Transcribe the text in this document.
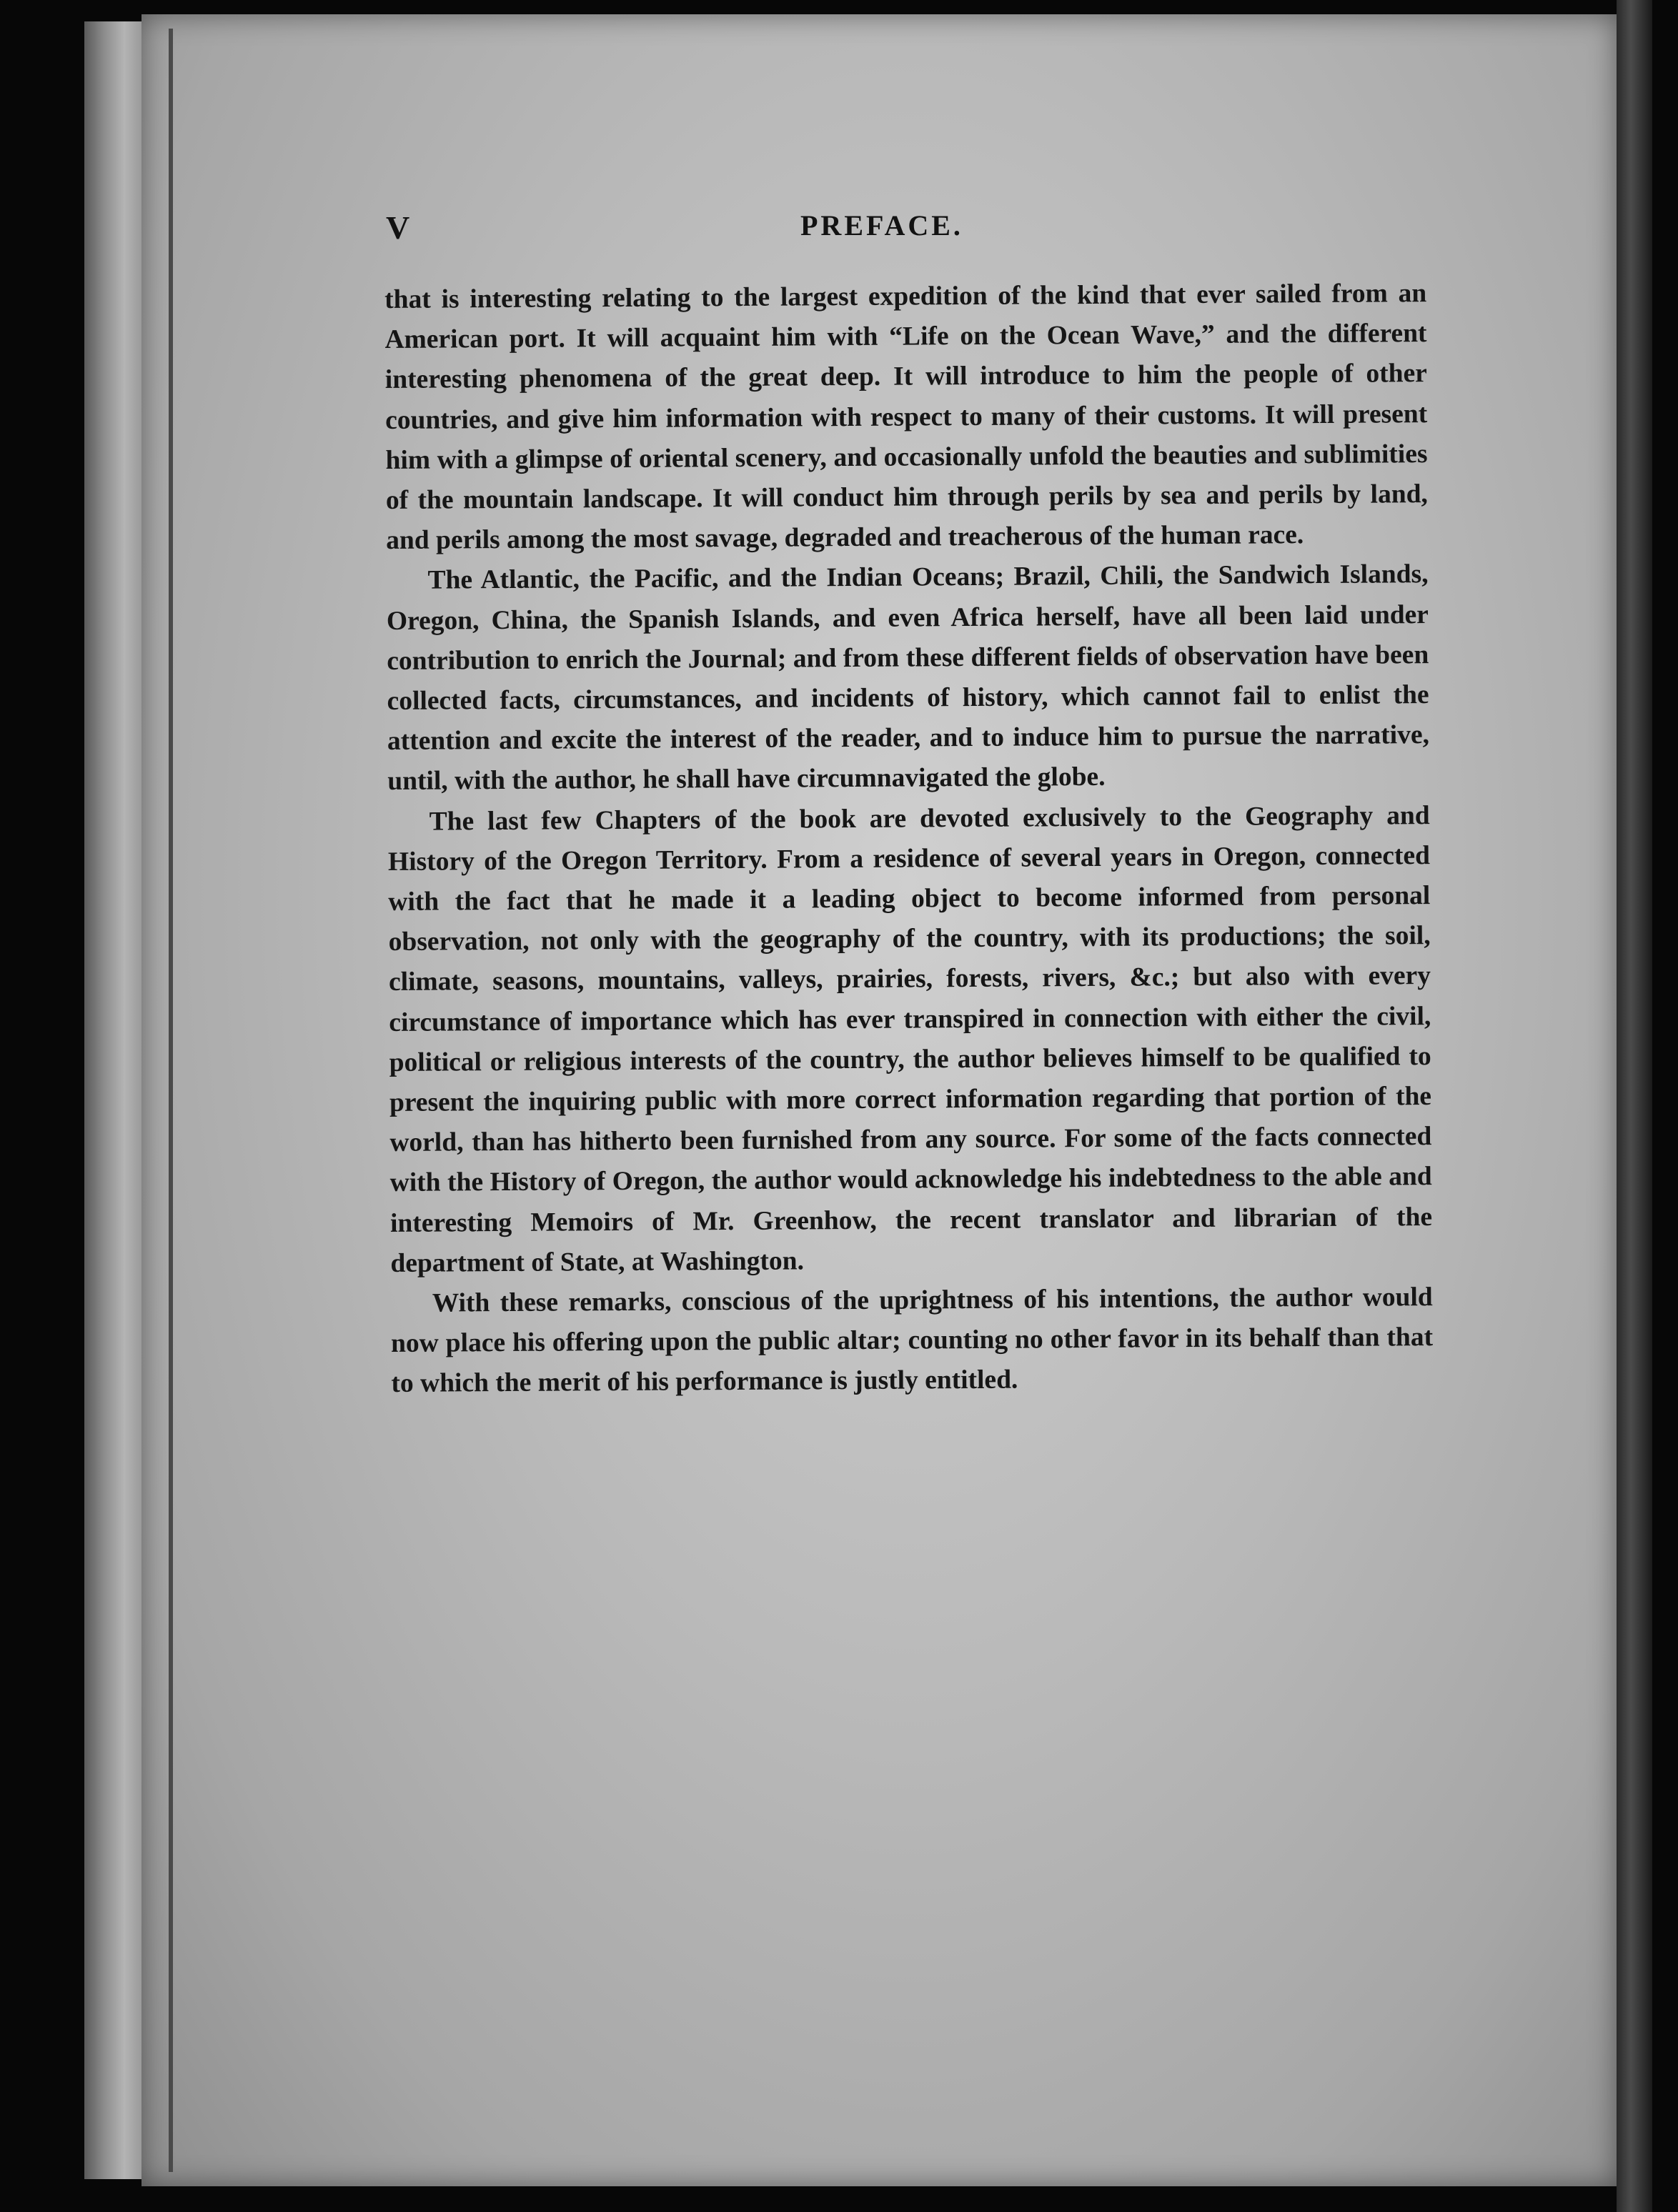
V	PREFACE.

that is interesting relating to the largest expedition of the kind that ever sailed from an American port. It will acquaint him with “Life on the Ocean Wave,” and the different interesting phenomena of the great deep. It will introduce to him the people of other countries, and give him information with respect to many of their customs. It will present him with a glimpse of oriental scenery, and occasionally unfold the beauties and sublimities of the mountain landscape. It will conduct him through perils by sea and perils by land, and perils among the most savage, degraded and treacherous of the human race.

The Atlantic, the Pacific, and the Indian Oceans; Brazil, Chili, the Sandwich Islands, Oregon, China, the Spanish Islands, and even Africa herself, have all been laid under contribution to enrich the Journal; and from these different fields of observation have been collected facts, circumstances, and incidents of history, which cannot fail to enlist the attention and excite the interest of the reader, and to induce him to pursue the narrative, until, with the author, he shall have circumnavigated the globe.

The last few Chapters of the book are devoted exclusively to the Geography and History of the Oregon Territory. From a residence of several years in Oregon, connected with the fact that he made it a leading object to become informed from personal observation, not only with the geography of the country, with its productions; the soil, climate, seasons, mountains, valleys, prairies, forests, rivers, &c.; but also with every circumstance of importance which has ever transpired in connection with either the civil, political or religious interests of the country, the author believes himself to be qualified to present the inquiring public with more correct information regarding that portion of the world, than has hitherto been furnished from any source. For some of the facts connected with the History of Oregon, the author would acknowledge his indebtedness to the able and interesting Memoirs of Mr. Greenhow, the recent translator and librarian of the department of State, at Washington.

With these remarks, conscious of the uprightness of his intentions, the author would now place his offering upon the public altar; counting no other favor in its behalf than that to which the merit of his performance is justly entitled.
